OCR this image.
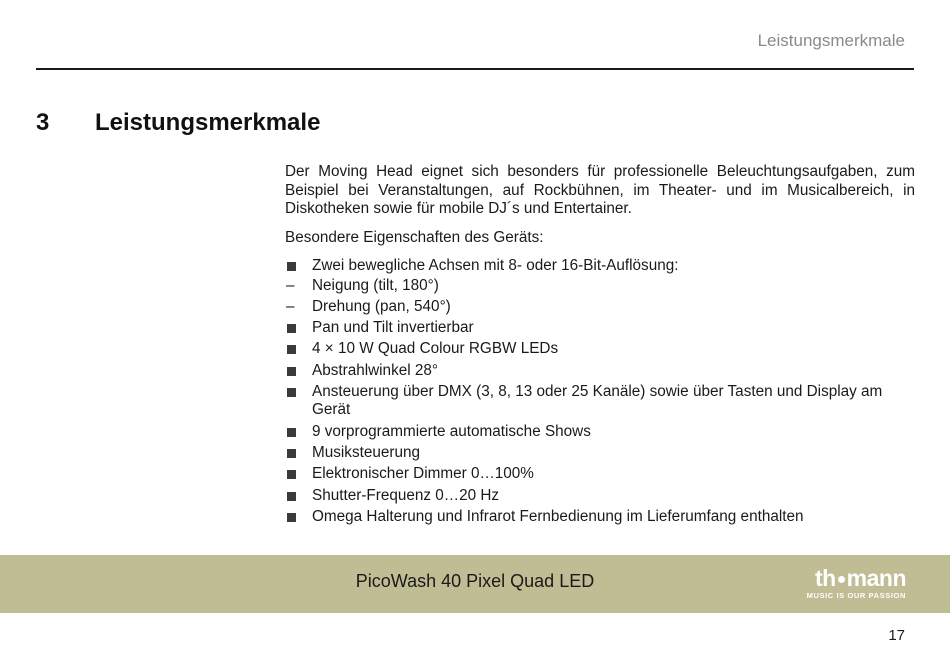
Leistungsmerkmale
3 Leistungsmerkmale

Der Moving Head eignet sich besonders für professionelle Beleuchtungsaufgaben, zum Beispiel bei Veranstaltungen, auf Rockbühnen, im Theater- und im Musicalbereich, in Diskotheken sowie für mobile DJ´s und Entertainer.

Besondere Eigenschaften des Geräts:

Zwei bewegliche Achsen mit 8- oder 16-Bit-Auflösung:
– Neigung (tilt, 180°)
– Drehung (pan, 540°)
Pan und Tilt invertierbar
4 × 10 W Quad Colour RGBW LEDs
Abstrahlwinkel 28°
Ansteuerung über DMX (3, 8, 13 oder 25 Kanäle) sowie über Tasten und Display am Gerät
9 vorprogrammierte automatische Shows
Musiksteuerung
Elektronischer Dimmer 0…100%
Shutter-Frequenz 0…20 Hz
Omega Halterung und Infrarot Fernbedienung im Lieferumfang enthalten
PicoWash 40 Pixel Quad LED	th mann
MUSIC IS OUR PASSION
17
